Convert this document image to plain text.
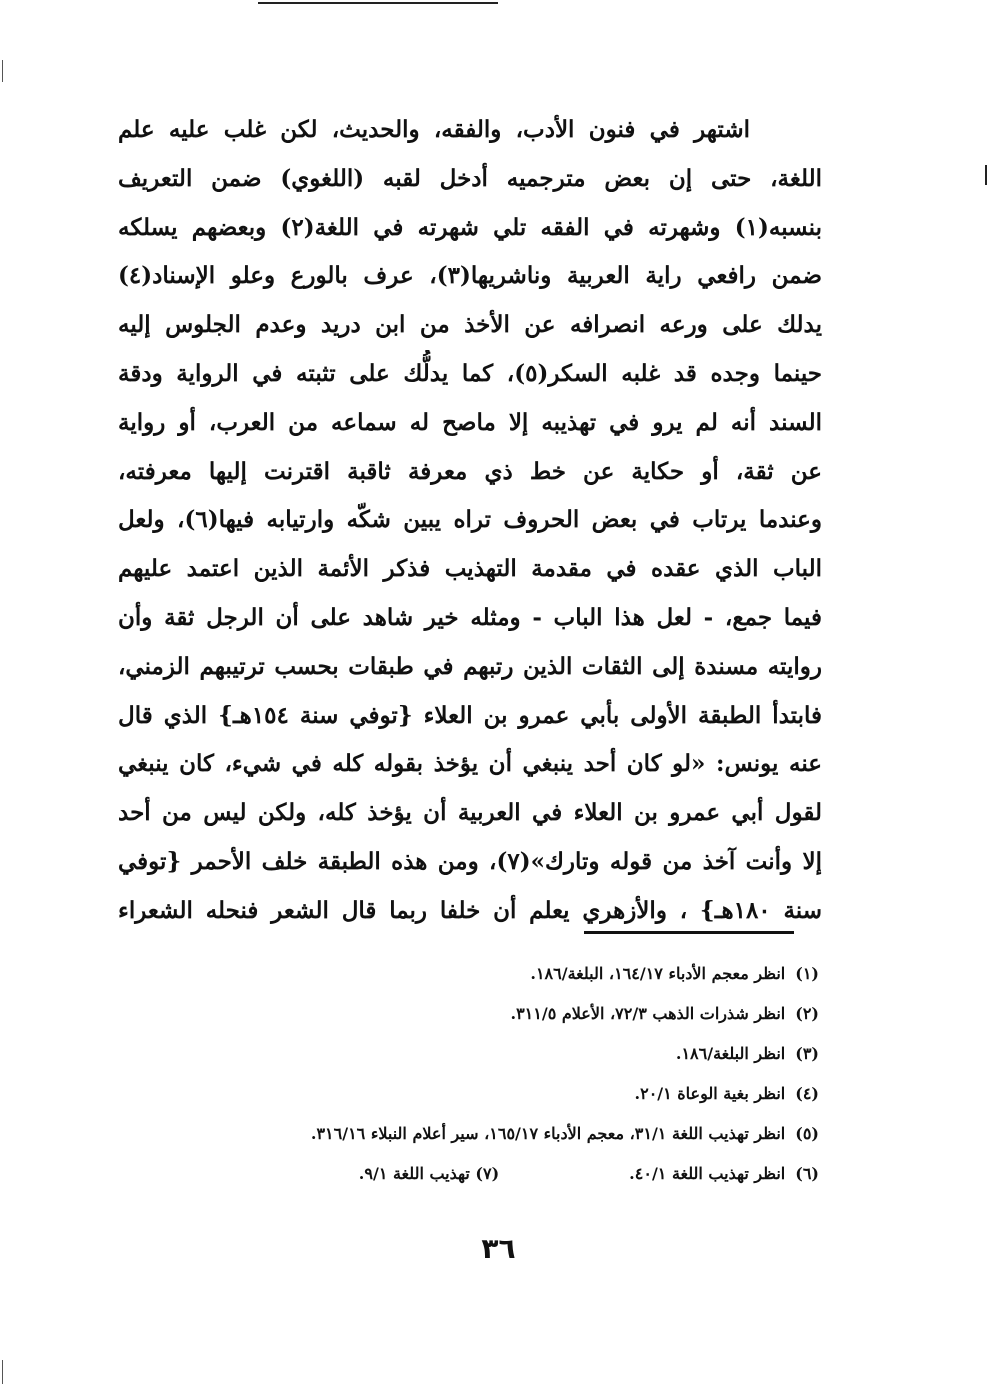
اشتهر في فنون الأدب، والفقه، والحديث، لكن غلب عليه علم
اللغة، حتى إن بعض مترجميه أدخل لقبه (اللغوي) ضمن التعريف
بنسبه(١) وشهرته في الفقه تلي شهرته في اللغة(٢) وبعضهم يسلكه
ضمن رافعي راية العربية وناشريها(٣)، عرف بالورع وعلو الإسناد(٤)
يدلك على ورعه انصرافه عن الأخذ من ابن دريد وعدم الجلوس إليه
حينما وجده قد غلبه السكر(٥)، كما يدلُّك على تثبته في الرواية ودقة
السند أنه لم يرو في تهذيبه إلا ماصح له سماعه من العرب، أو رواية
عن ثقة، أو حكاية عن خط ذي معرفة ثاقبة اقترنت إليها معرفته،
وعندما يرتاب في بعض الحروف تراه يبين شكّه وارتيابه فيها(٦)، ولعل
الباب الذي عقده في مقدمة التهذيب فذكر الأئمة الذين اعتمد عليهم
فيما جمع، - لعل هذا الباب - ومثله خير شاهد على أن الرجل ثقة وأن
روايته مسندة إلى الثقات الذين رتبهم في طبقات بحسب ترتيبهم الزمني،
فابتدأ الطبقة الأولى بأبي عمرو بن العلاء {توفي سنة ١٥٤هـ} الذي قال
عنه يونس: «لو كان أحد ينبغي أن يؤخذ بقوله كله في شيء، كان ينبغي
لقول أبي عمرو بن العلاء في العربية أن يؤخذ كله، ولكن ليس من أحد
إلا وأنت آخذ من قوله وتارك»(٧)، ومن هذه الطبقة خلف الأحمر {توفي
سنة ١٨٠هـ} ، والأزهري يعلم أن خلفا ربما قال الشعر فنحله الشعراء
(١)
انظر معجم الأدباء ١٦٤/١٧، البلغة/١٨٦.
(٢)
انظر شذرات الذهب ٧٢/٣، الأعلام ٣١١/٥.
(٣)
انظر البلغة/١٨٦.
(٤)
انظر بغية الوعاة ٢٠/١.
(٥)
انظر تهذيب اللغة ٣١/١، معجم الأدباء ١٦٥/١٧، سير أعلام النبلاء ٣١٦/١٦.
(٦)
انظر تهذيب اللغة ٤٠/١.
(٧) تهذيب اللغة ٩/١.
٣٦
